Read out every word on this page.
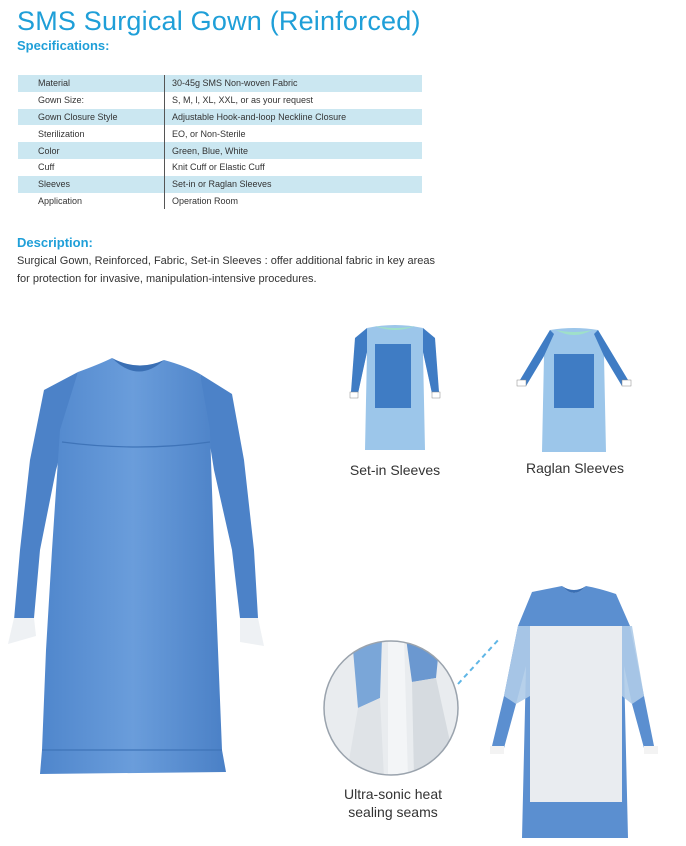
SMS Surgical Gown (Reinforced)
Specifications:
Material	30-45g SMS Non-woven Fabric
Gown Size:	S, M, l, XL, XXL, or as your request
Gown Closure Style	Adjustable Hook-and-loop Neckline Closure
Sterilization	EO, or Non-Sterile
Color	Green, Blue, White
Cuff	Knit Cuff or Elastic Cuff
Sleeves	Set-in or Raglan Sleeves
Application	Operation Room
Description:
Surgical Gown, Reinforced, Fabric, Set-in Sleeves : offer additional fabric in key areas for protection for invasive, manipulation-intensive procedures.
Set-in Sleeves	Raglan Sleeves
Ultra-sonic heat
sealing seams
